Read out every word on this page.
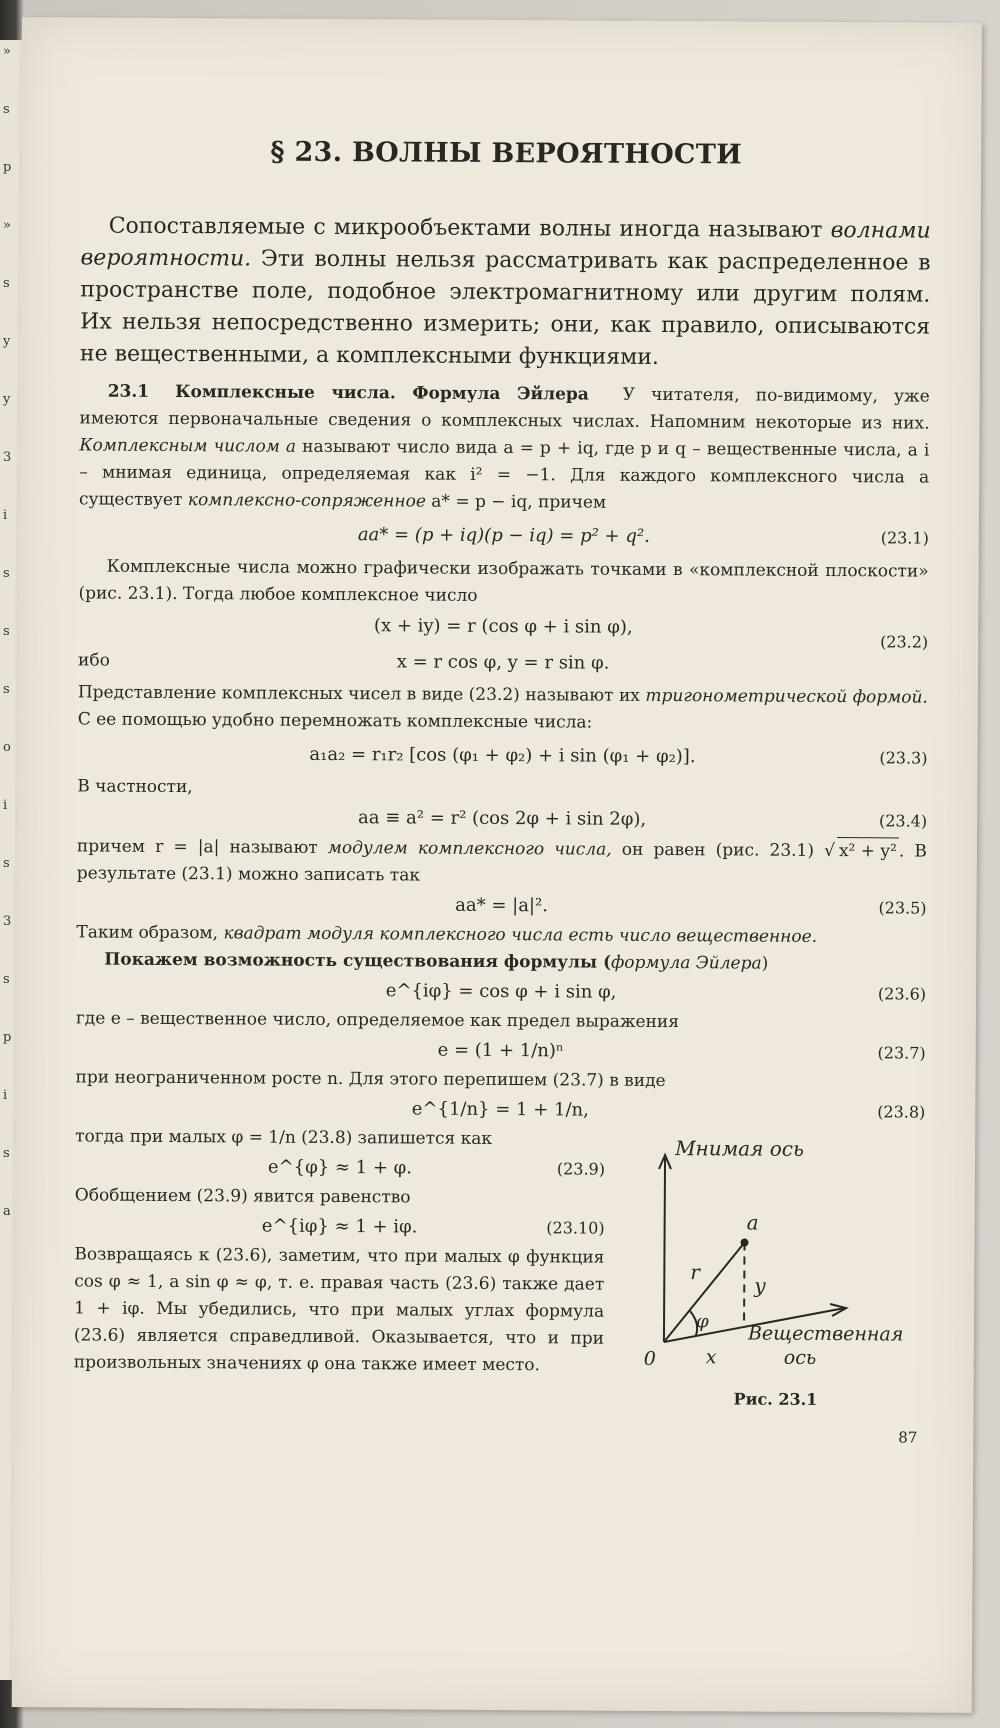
»
s
p
»
s
y
y
3
i
s
s
s
o
i
s
3
s
p
i
s
a
§ 23. ВОЛНЫ ВЕРОЯТНОСТИ

Сопоставляемые с микрообъектами волны иногда называют волнами вероятности. Эти волны нельзя рассматривать как распределенное в пространстве поле, подобное электромагнитному или другим полям. Их нельзя непосредственно измерить; они, как правило, описываются не вещественными, а комплексными функциями.

23.1 Комплексные числа. Формула Эйлера У читателя, по-видимому, уже имеются первоначальные сведения о комплексных числах. Напомним некоторые из них. Комплексным числом a называют число вида a = p + iq, где p и q – вещественные числа, а i – мнимая единица, определяемая как i² = −1. Для каждого комплексного числа a существует комплексно-сопряженное a* = p − iq, причем

aa* = (p + iq)(p − iq) = p² + q².	(23.1)

Комплексные числа можно графически изображать точками в «комплексной плоскости» (рис. 23.1). Тогда любое комплексное число

(x + iy) = r (cos φ + i sin φ),
ибо	x = r cos φ, y = r sin φ.
(23.2)

Представление комплексных чисел в виде (23.2) называют их тригонометрической формой. С ее помощью удобно перемножать комплексные числа:

a₁a₂ = r₁r₂ [cos (φ₁ + φ₂) + i sin (φ₁ + φ₂)].	(23.3)

В частности,

aa ≡ a² = r² (cos 2φ + i sin 2φ),	(23.4)

причем r = |a| называют модулем комплексного числа, он равен (рис. 23.1) √ x² + y² . В результате (23.1) можно записать так

aa* = |a|².	(23.5)

Таким образом, квадрат модуля комплексного числа есть число вещественное.

Покажем возможность существования формулы (формула Эйлера)

e^{iφ} = cos φ + i sin φ,	(23.6)

где e – вещественное число, определяемое как предел выражения

e = (1 + 1/n)ⁿ	(23.7)

при неограниченном росте n. Для этого перепишем (23.7) в виде

e^{1/n} = 1 + 1/n,	(23.8)

тогда при малых φ = 1/n (23.8) запишется как

e^{φ} ≈ 1 + φ.	(23.9)

Обобщением (23.9) явится равенство

e^{iφ} ≈ 1 + iφ.	(23.10)

Возвращаясь к (23.6), заметим, что при малых φ функция cos φ ≈ 1, а sin φ ≈ φ, т. е. правая часть (23.6) также дает 1 + iφ. Мы убедились, что при малых углах формула (23.6) является справедливой. Оказывается, что и при произвольных значениях φ она также имеет место.

Мнимая ось
Вещественная
ось
0
a
r
φ
x
y
Рис. 23.1
87
